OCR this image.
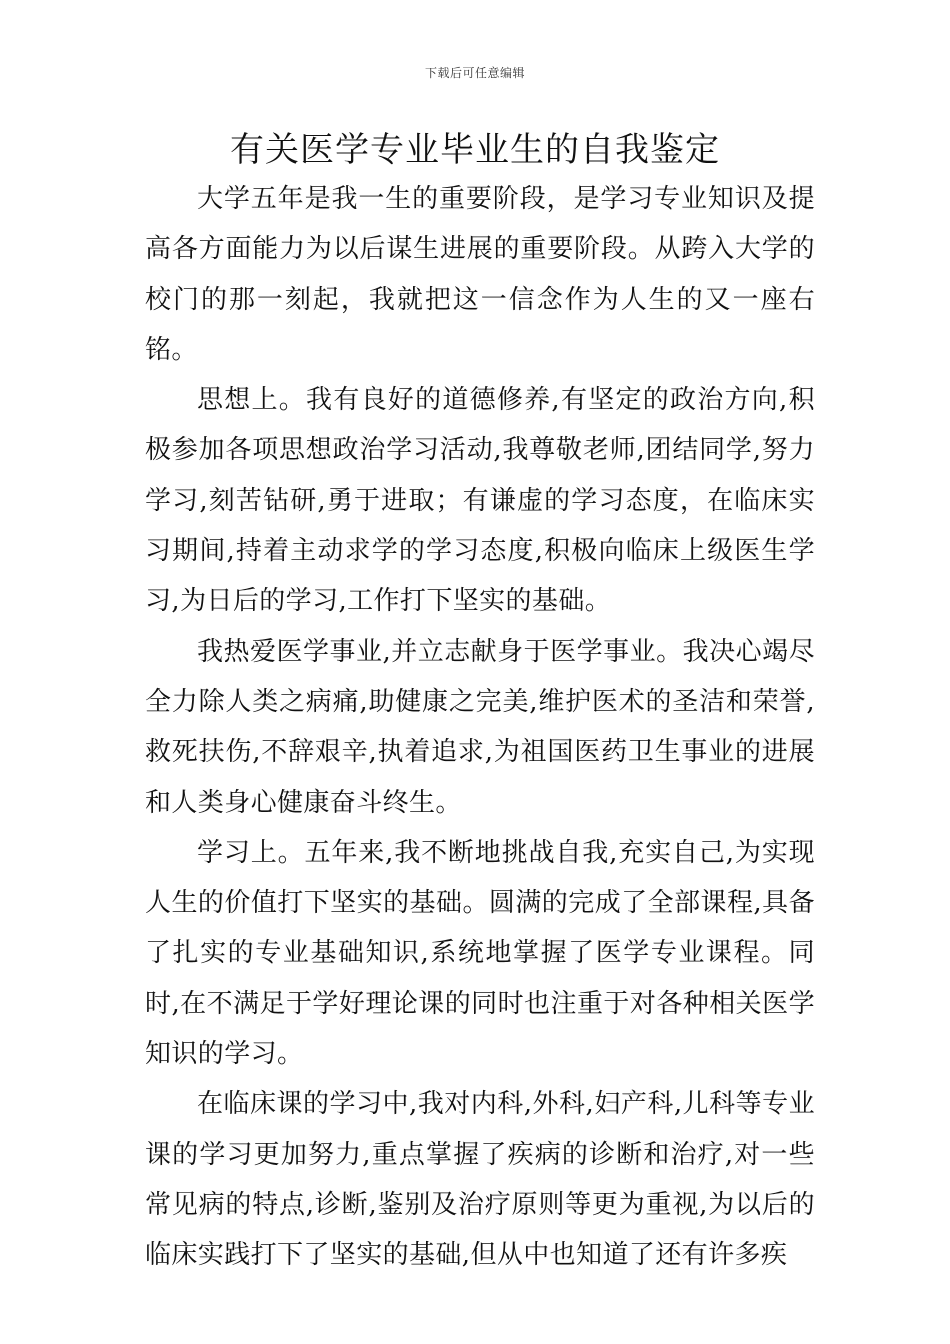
下载后可任意编辑
有关医学专业毕业生的自我鉴定

大学五年是我一生的重要阶段，是学习专业知识及提高各方面能力为以后谋生进展的重要阶段。从跨入大学的校门的那一刻起，我就把这一信念作为人生的又一座右铭。

思想上。我有良好的道德修养,有坚定的政治方向,积极参加各项思想政治学习活动,我尊敬老师,团结同学,努力学习,刻苦钻研,勇于进取；有谦虚的学习态度，在临床实习期间,持着主动求学的学习态度,积极向临床上级医生学习,为日后的学习,工作打下坚实的基础。

我热爱医学事业,并立志献身于医学事业。我决心竭尽全力除人类之病痛,助健康之完美,维护医术的圣洁和荣誉,救死扶伤,不辞艰辛,执着追求,为祖国医药卫生事业的进展和人类身心健康奋斗终生。

学习上。五年来,我不断地挑战自我,充实自己,为实现人生的价值打下坚实的基础。圆满的完成了全部课程,具备了扎实的专业基础知识,系统地掌握了医学专业课程。同时,在不满足于学好理论课的同时也注重于对各种相关医学知识的学习。

在临床课的学习中,我对内科,外科,妇产科,儿科等专业课的学习更加努力,重点掌握了疾病的诊断和治疗,对一些常见病的特点,诊断,鉴别及治疗原则等更为重视,为以后的临床实践打下了坚实的基础,但从中也知道了还有许多疾
